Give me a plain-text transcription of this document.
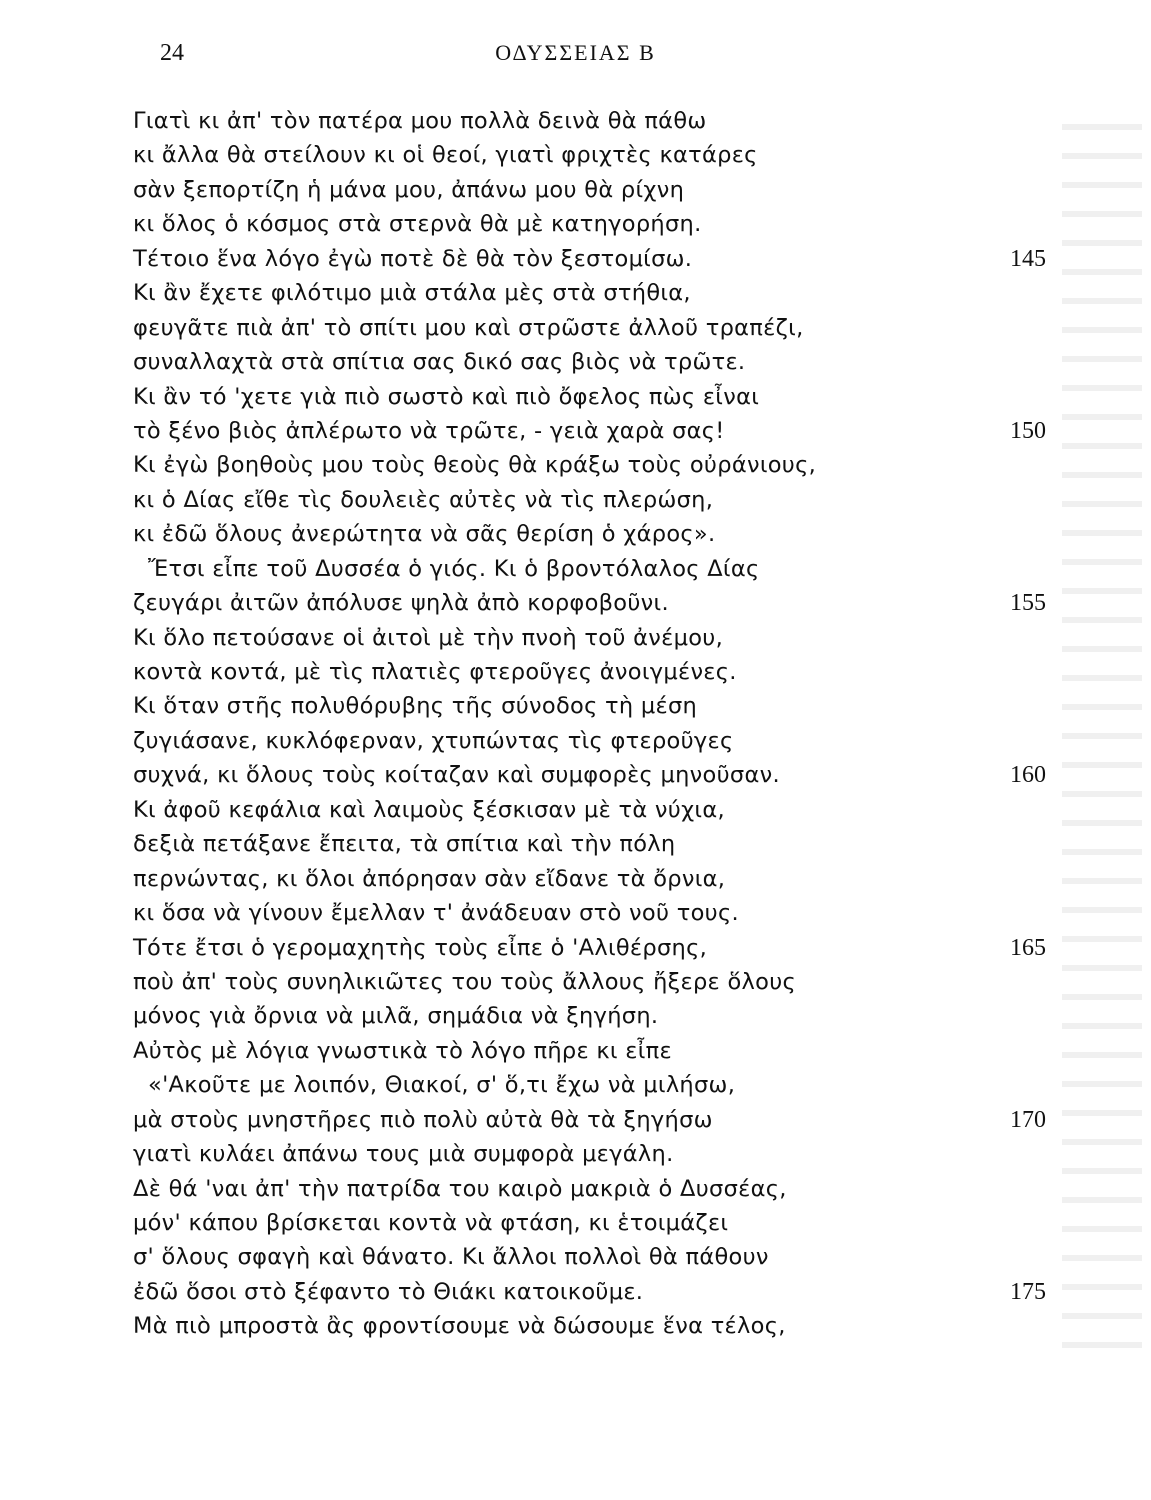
24	ΟΔΥΣΣΕΙΑΣ Β
Γιατὶ κι ἀπ' τὸν πατέρα μου πολλὰ δεινὰ θὰ πάθω
κι ἄλλα θὰ στείλουν κι οἱ θεοί, γιατὶ φριχτὲς κατάρες
σὰν ξεπορτίζη ἡ μάνα μου, ἀπάνω μου θὰ ρίχνη
κι ὅλος ὁ κόσμος στὰ στερνὰ θὰ μὲ κατηγορήση.
Τέτοιο ἕνα λόγο ἐγὼ ποτὲ δὲ θὰ τὸν ξεστομίσω.	145
Κι ἂν ἔχετε φιλότιμο μιὰ στάλα μὲς στὰ στήθια,
φευγᾶτε πιὰ ἀπ' τὸ σπίτι μου καὶ στρῶστε ἀλλοῦ τραπέζι,
συναλλαχτὰ στὰ σπίτια σας δικό σας βιὸς νὰ τρῶτε.
Κι ἂν τό 'χετε γιὰ πιὸ σωστὸ καὶ πιὸ ὄφελος πὼς εἶναι
τὸ ξένο βιὸς ἀπλέρωτο νὰ τρῶτε, - γειὰ χαρὰ σας!	150
Κι ἐγὼ βοηθοὺς μου τοὺς θεοὺς θὰ κράξω τοὺς οὐράνιους,
κι ὁ Δίας εἴθε τὶς δουλειὲς αὐτὲς νὰ τὶς πλερώση,
κι ἐδῶ ὅλους ἀνερώτητα νὰ σᾶς θερίση ὁ χάρος».
Ἔτσι εἶπε τοῦ Δυσσέα ὁ γιός. Κι ὁ βροντόλαλος Δίας
ζευγάρι ἀιτῶν ἀπόλυσε ψηλὰ ἀπὸ κορφοβοῦνι.	155
Κι ὅλο πετούσανε οἱ ἀιτοὶ μὲ τὴν πνοὴ τοῦ ἀνέμου,
κοντὰ κοντά, μὲ τὶς πλατιὲς φτεροῦγες ἀνοιγμένες.
Κι ὅταν στῆς πολυθόρυβης τῆς σύνοδος τὴ μέση
ζυγιάσανε, κυκλόφερναν, χτυπώντας τὶς φτεροῦγες
συχνά, κι ὅλους τοὺς κοίταζαν καὶ συμφορὲς μηνοῦσαν.	160
Κι ἀφοῦ κεφάλια καὶ λαιμοὺς ξέσκισαν μὲ τὰ νύχια,
δεξιὰ πετάξανε ἔπειτα, τὰ σπίτια καὶ τὴν πόλη
περνώντας, κι ὅλοι ἀπόρησαν σὰν εἴδανε τὰ ὄρνια,
κι ὅσα νὰ γίνουν ἔμελλαν τ' ἀνάδευαν στὸ νοῦ τους.
Τότε ἔτσι ὁ γερομαχητὴς τοὺς εἶπε ὁ 'Αλιθέρσης,	165
ποὺ ἀπ' τοὺς συνηλικιῶτες του τοὺς ἄλλους ἤξερε ὅλους
μόνος γιὰ ὄρνια νὰ μιλᾶ, σημάδια νὰ ξηγήση.
Αὐτὸς μὲ λόγια γνωστικὰ τὸ λόγο πῆρε κι εἶπε
«'Ακοῦτε με λοιπόν, Θιακοί, σ' ὅ,τι ἔχω νὰ μιλήσω,
μὰ στοὺς μνηστῆρες πιὸ πολὺ αὐτὰ θὰ τὰ ξηγήσω	170
γιατὶ κυλάει ἀπάνω τους μιὰ συμφορὰ μεγάλη.
Δὲ θά 'ναι ἀπ' τὴν πατρίδα του καιρὸ μακριὰ ὁ Δυσσέας,
μόν' κάπου βρίσκεται κοντὰ νὰ φτάση, κι ἑτοιμάζει
σ' ὅλους σφαγὴ καὶ θάνατο. Κι ἄλλοι πολλοὶ θὰ πάθουν
ἐδῶ ὅσοι στὸ ξέφαντο τὸ Θιάκι κατοικοῦμε.	175
Μὰ πιὸ μπροστὰ ἂς φροντίσουμε νὰ δώσουμε ἕνα τέλος,
